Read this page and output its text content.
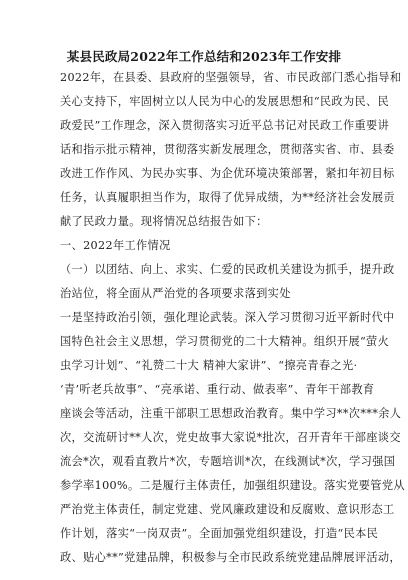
某县民政局2022年工作总结和2023年工作安排
2022年，在县委、县政府的坚强领导，省、市民政部门悉心指导和
关心支持下，牢固树立以人民为中心的发展思想和“民政为民、民
政爱民”工作理念，深入贯彻落实习近平总书记对民政工作重要讲
话和指示批示精神，贯彻落实新发展理念，贯彻落实省、市、县委
改进工作作风、为民办实事、为企优环境决策部署，紧扣年初目标
任务，认真履职担当作为，取得了优异成绩，为**经济社会发展贡
献了民政力量。现将情况总结报告如下：
一、2022年工作情况
（一）以团结、向上、求实、仁爱的民政机关建设为抓手，提升政
治站位，将全面从严治党的各项要求落到实处
一是坚持政治引领，强化理论武装。深入学习贯彻习近平新时代中
国特色社会主义思想，学习贯彻党的二十大精神。组织开展“萤火
虫学习计划”、“礼赞二十大 精神大家讲”、“擦亮青春之光·
‘青’听老兵故事”、“亮承诺、重行动、做表率”、青年干部教育
座谈会等活动，注重干部职工思想政治教育。集中学习**次***余人
次，交流研讨**人次，党史故事大家说*批次，召开青年干部座谈交
流会*次，观看直教片*次，专题培训*次，在线测试*次，学习强国
参学率100%。二是履行主体责任，加强组织建设。落实党要管党从
严治党主体责任，制定党建、党风廉政建设和反腐败、意识形态工
作计划，落实“一岗双责”。全面加强党组织建设，打造“民本民
政、贴心**”党建品牌，积极参与全市民政系统党建品牌展评活动，
